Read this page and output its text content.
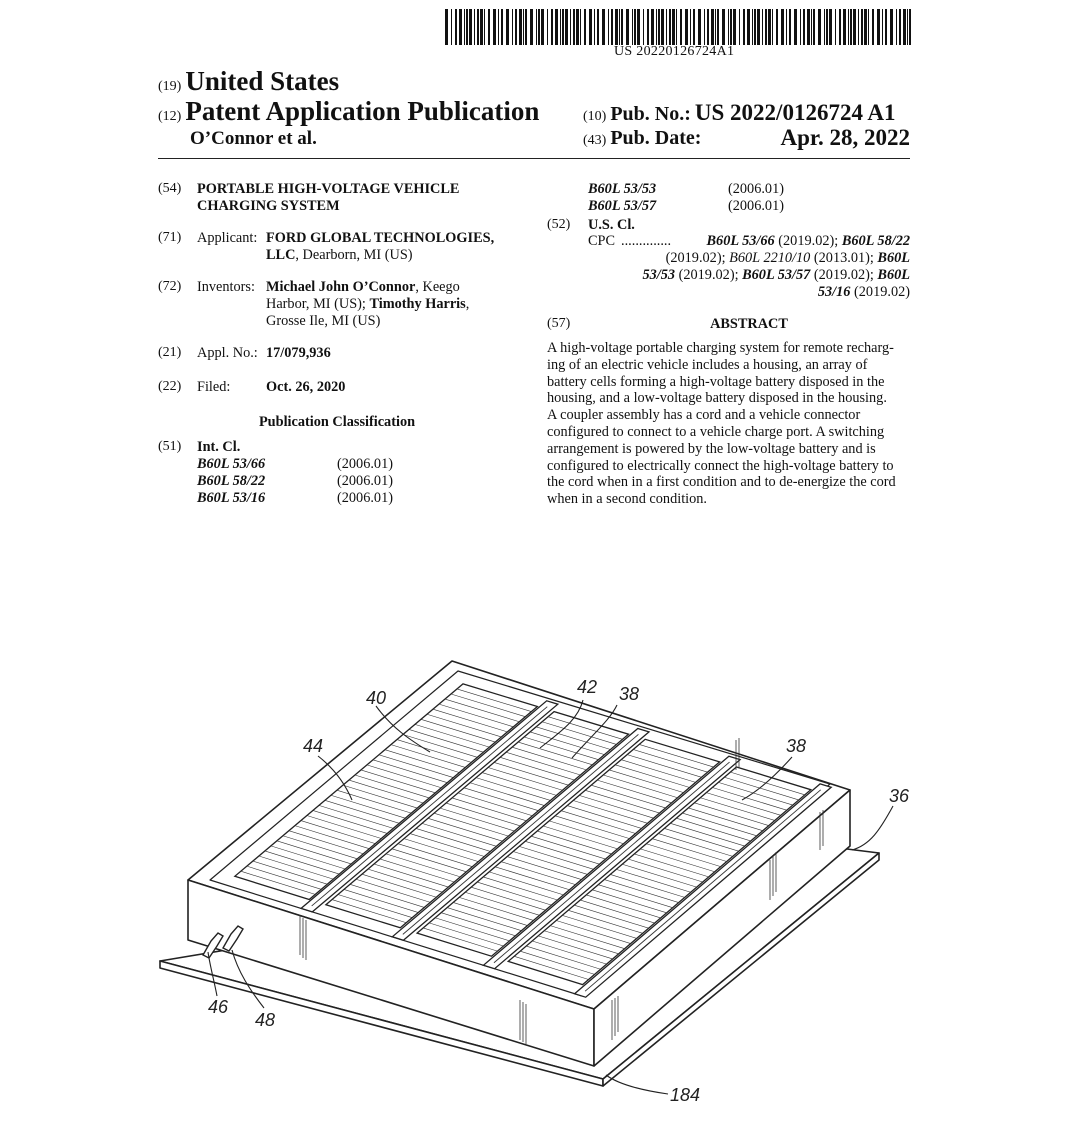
US 20220126724A1
(19) United States
(12) Patent Application Publication
O’Connor et al.
(10) Pub. No.: US 2022/0126724 A1
(43) Pub. Date:	Apr. 28, 2022
(54) PORTABLE HIGH-VOLTAGE VEHICLE
CHARGING SYSTEM
(71) Applicant: FORD GLOBAL TECHNOLOGIES,
LLC, Dearborn, MI (US)
(72) Inventors: Michael John O’Connor, Keego
Harbor, MI (US); Timothy Harris,
Grosse Ile, MI (US)
(21) Appl. No.: 17/079,936
(22) Filed: Oct. 26, 2020
Publication Classification
(51) Int. Cl.
B60L 53/66	(2006.01)
B60L 58/22	(2006.01)
B60L 53/16	(2006.01)
B60L 53/53	(2006.01)
B60L 53/57	(2006.01)
(52) U.S. Cl.
CPC .............. B60L 53/66 (2019.02); B60L 58/22
(2019.02); B60L 2210/10 (2013.01); B60L
53/53 (2019.02); B60L 53/57 (2019.02); B60L
53/16 (2019.02)
(57)	ABSTRACT
A high-voltage portable charging system for remote recharg-
ing of an electric vehicle includes a housing, an array of
battery cells forming a high-voltage battery disposed in the
housing, and a low-voltage battery disposed in the housing.
A coupler assembly has a cord and a vehicle connector
configured to connect to a vehicle charge port. A switching
arrangement is powered by the low-voltage battery and is
configured to electrically connect the high-voltage battery to
the cord when in a first condition and to de-energize the cord
when in a second condition.
40
42 38
44	38
36
46
48
184
